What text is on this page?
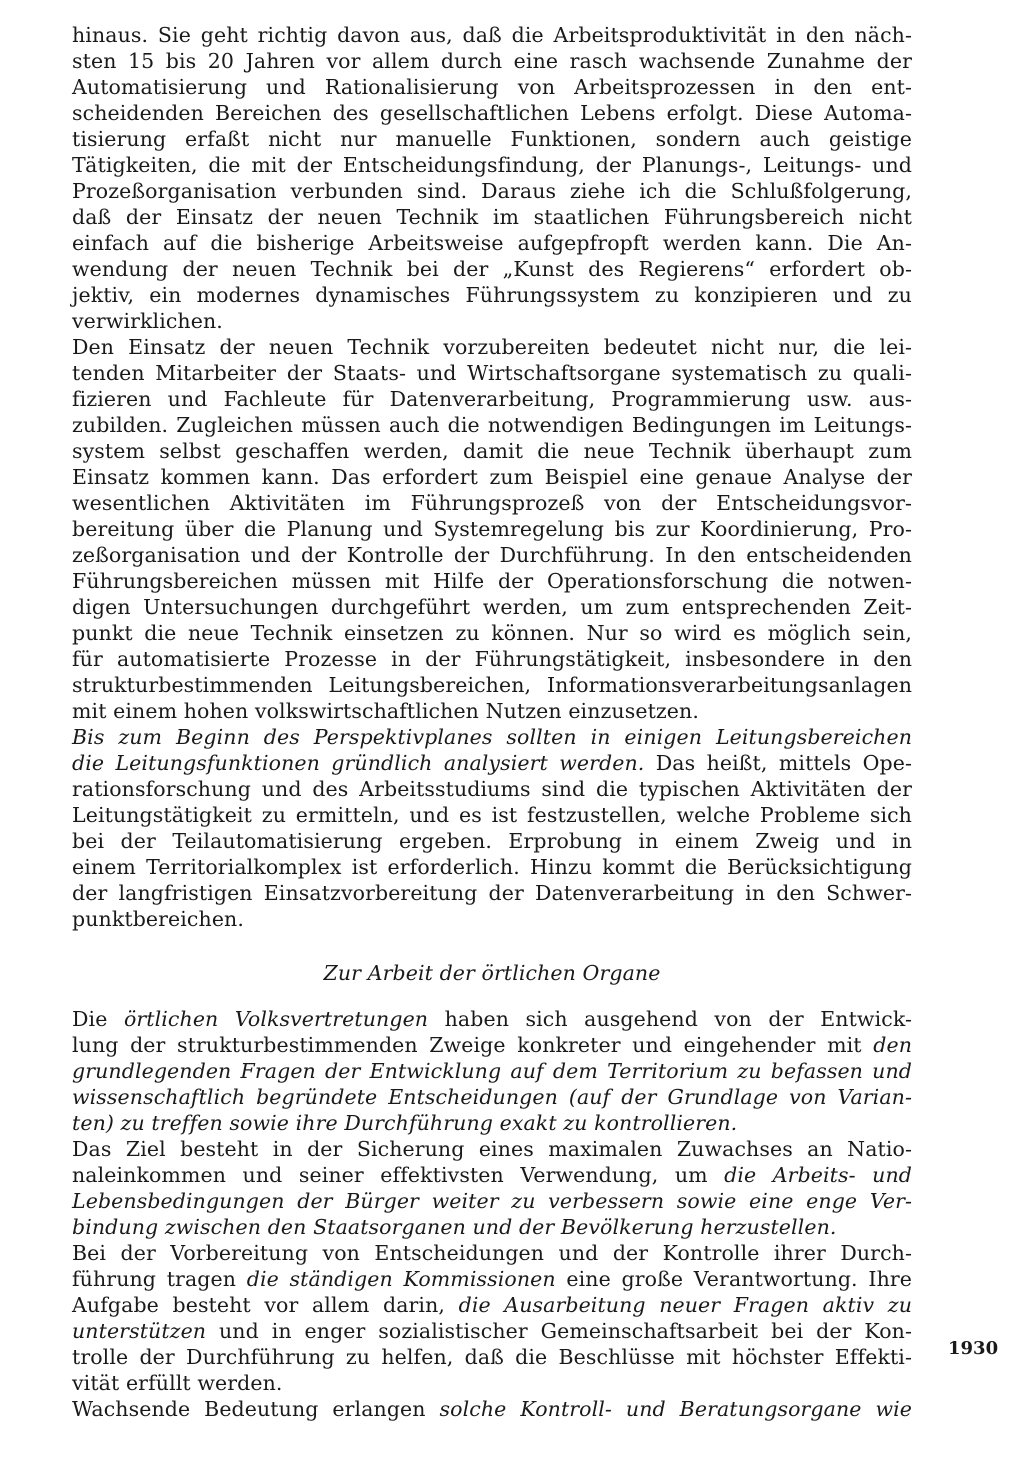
hinaus. Sie geht richtig davon aus, daß die Arbeitsproduktivität in den näch-
sten 15 bis 20 Jahren vor allem durch eine rasch wachsende Zunahme der
Automatisierung und Rationalisierung von Arbeitsprozessen in den ent-
scheidenden Bereichen des gesellschaftlichen Lebens erfolgt. Diese Automa-
tisierung erfaßt nicht nur manuelle Funktionen, sondern auch geistige
Tätigkeiten, die mit der Entscheidungsfindung, der Planungs-, Leitungs- und
Prozeßorganisation verbunden sind. Daraus ziehe ich die Schlußfolgerung,
daß der Einsatz der neuen Technik im staatlichen Führungsbereich nicht
einfach auf die bisherige Arbeitsweise aufgepfropft werden kann. Die An-
wendung der neuen Technik bei der „Kunst des Regierens“ erfordert ob-
jektiv, ein modernes dynamisches Führungssystem zu konzipieren und zu
verwirklichen.

Den Einsatz der neuen Technik vorzubereiten bedeutet nicht nur, die lei-
tenden Mitarbeiter der Staats- und Wirtschaftsorgane systematisch zu quali-
fizieren und Fachleute für Datenverarbeitung, Programmierung usw. aus-
zubilden. Zugleichen müssen auch die notwendigen Bedingungen im Leitungs-
system selbst geschaffen werden, damit die neue Technik überhaupt zum
Einsatz kommen kann. Das erfordert zum Beispiel eine genaue Analyse der
wesentlichen Aktivitäten im Führungsprozeß von der Entscheidungsvor-
bereitung über die Planung und Systemregelung bis zur Koordinierung, Pro-
zeßorganisation und der Kontrolle der Durchführung. In den entscheidenden
Führungsbereichen müssen mit Hilfe der Operationsforschung die notwen-
digen Untersuchungen durchgeführt werden, um zum entsprechenden Zeit-
punkt die neue Technik einsetzen zu können. Nur so wird es möglich sein,
für automatisierte Prozesse in der Führungstätigkeit, insbesondere in den
strukturbestimmenden Leitungsbereichen, Informationsverarbeitungsanlagen
mit einem hohen volkswirtschaftlichen Nutzen einzusetzen.

Bis zum Beginn des Perspektivplanes sollten in einigen Leitungsbereichen
die Leitungsfunktionen gründlich analysiert werden. Das heißt, mittels Ope-
rationsforschung und des Arbeitsstudiums sind die typischen Aktivitäten der
Leitungstätigkeit zu ermitteln, und es ist festzustellen, welche Probleme sich
bei der Teilautomatisierung ergeben. Erprobung in einem Zweig und in
einem Territorialkomplex ist erforderlich. Hinzu kommt die Berücksichtigung
der langfristigen Einsatzvorbereitung der Datenverarbeitung in den Schwer-
punktbereichen.

Zur Arbeit der örtlichen Organe

Die örtlichen Volksvertretungen haben sich ausgehend von der Entwick-
lung der strukturbestimmenden Zweige konkreter und eingehender mit den
grundlegenden Fragen der Entwicklung auf dem Territorium zu befassen und
wissenschaftlich begründete Entscheidungen (auf der Grundlage von Varian-
ten) zu treffen sowie ihre Durchführung exakt zu kontrollieren.

Das Ziel besteht in der Sicherung eines maximalen Zuwachses an Natio-
naleinkommen und seiner effektivsten Verwendung, um die Arbeits- und
Lebensbedingungen der Bürger weiter zu verbessern sowie eine enge Ver-
bindung zwischen den Staatsorganen und der Bevölkerung herzustellen.

Bei der Vorbereitung von Entscheidungen und der Kontrolle ihrer Durch-
führung tragen die ständigen Kommissionen eine große Verantwortung. Ihre
Aufgabe besteht vor allem darin, die Ausarbeitung neuer Fragen aktiv zu
unterstützen und in enger sozialistischer Gemeinschaftsarbeit bei der Kon-
trolle der Durchführung zu helfen, daß die Beschlüsse mit höchster Effekti-
vität erfüllt werden.

Wachsende Bedeutung erlangen solche Kontroll- und Beratungsorgane wie

1930
